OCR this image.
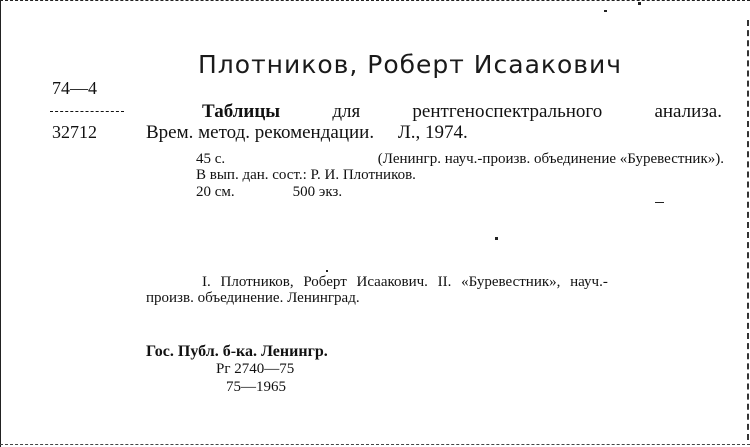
Плотников, Роберт Исаакович
74—4
32712
Таблицы	для	рентгеноспектрального	анализа.
Врем. метод. рекомендации.     Л., 1974.
45 с.	(Ленингр. науч.-произв. объединение «Буревестник»).
В вып. дан. сост.: Р. И. Плотников.
20 см.	500 экз.
I. Плотников, Роберт Исаакович. II. «Буревестник», науч.-
произв. объединение. Ленинград.
Гос. Публ. б-ка. Ленингр.
Рг 2740—75
75—1965
